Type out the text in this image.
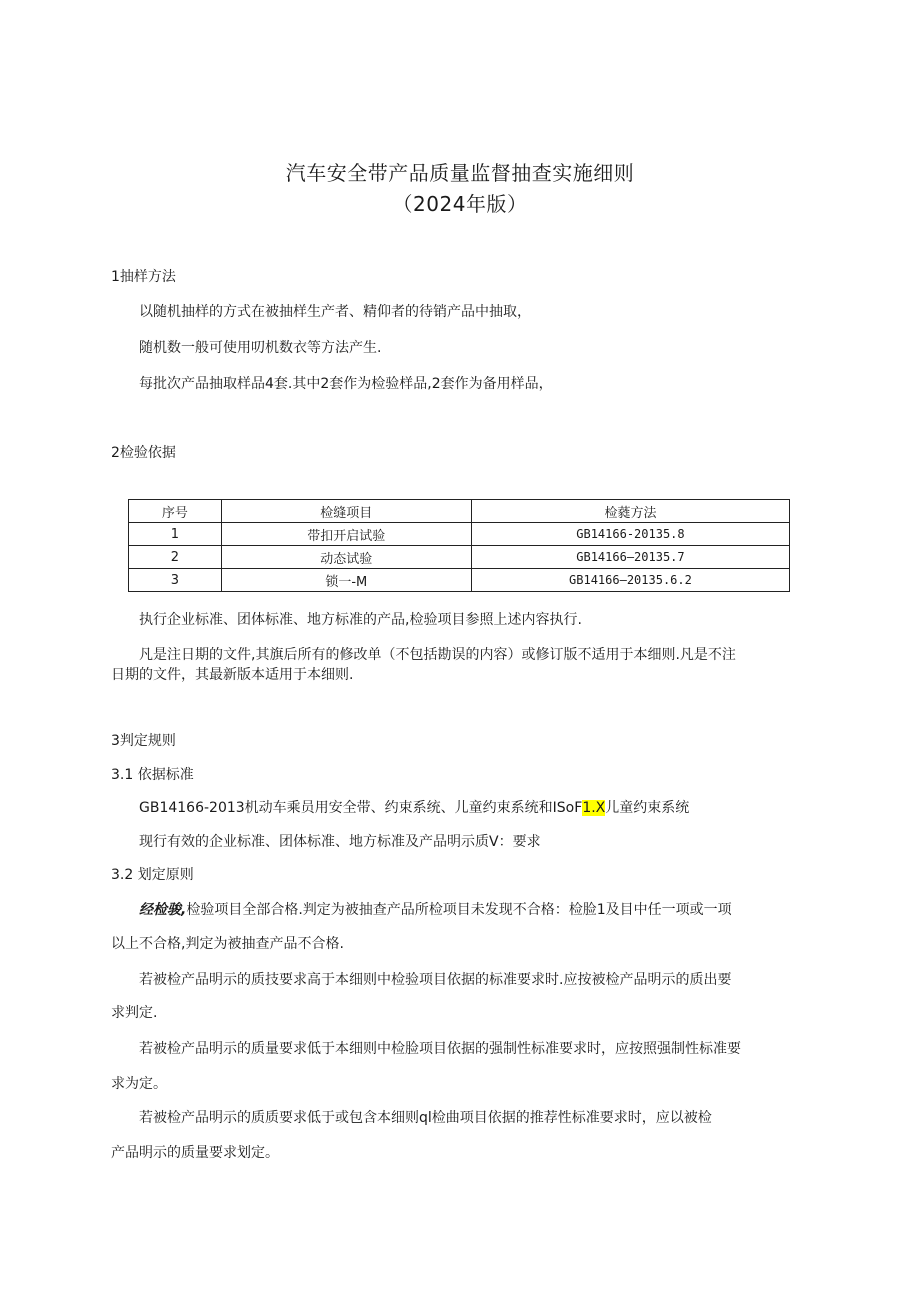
汽车安全带产品质量监督抽查实施细则
（2024年版）

1抽样方法

以随机抽样的方式在被抽样生产者、精仰者的待销产品中抽取，

随机数一般可使用叨机数衣等方法产生.

每批次产品抽取样品4套.其中2套作为检验样品,2套作为备用样品，

2检验依据

序号	检缝项目	检蕤方法
1	带扣开启试验	GB14166-20135.8
2	动态试验	GB14166—20135.7
3	锁一-M	GB14166—20135.6.2

执行企业标准、团体标准、地方标准的产品,检验项目参照上述内容执行.

凡是注日期的文件,其旗后所有的修改单（不包括勘误的内容）或修订版不适用于本细则.凡是不注

日期的文件，其最新版本适用于本细则.

3判定规则

3.1 依据标准

GB14166-2013机动车乘员用安全带、约束系统、儿童约束系统和ISoF1.X儿童约束系统

现行有效的企业标准、团体标准、地方标准及产品明示质V：要求

3.2 划定原则

经检骏,检验项目全部合格.判定为被抽查产品所检项目未发现不合格：检脸1及目中任一项或一项

以上不合格,判定为被抽查产品不合格.

若被检产品明示的质技要求高于本细则中检验项目依据的标准要求时.应按被检产品明示的质出要

求判定.

若被检产品明示的质量要求低于本细则中检脸项目依据的强制性标准要求时，应按照强制性标准要

求为定。

若被检产品明示的质质要求低于或包含本细则ql检曲项目依据的推荐性标准要求时，应以被检

产品明示的质量要求划定。
